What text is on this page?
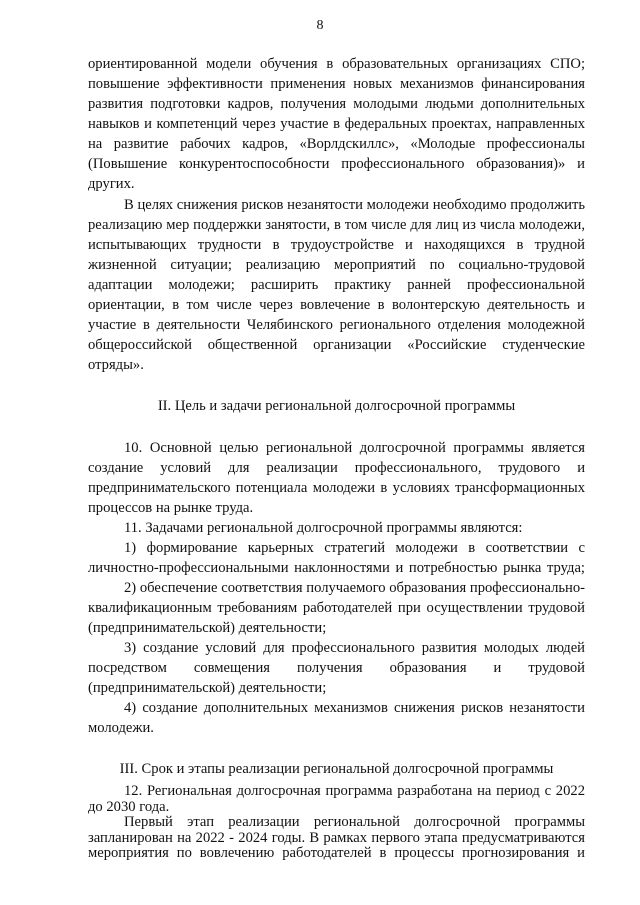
8
ориентированной модели обучения в образовательных организациях СПО;
повышение эффективности применения новых механизмов финансирования
развития подготовки кадров, получения молодыми людьми дополнительных
навыков и компетенций через участие в федеральных проектах, направленных
на развитие рабочих кадров, «Ворлдскиллс», «Молодые профессионалы
(Повышение конкурентоспособности профессионального образования)» и
других.
В целях снижения рисков незанятости молодежи необходимо продолжить
реализацию мер поддержки занятости, в том числе для лиц из числа молодежи,
испытывающих трудности в трудоустройстве и находящихся в трудной
жизненной ситуации; реализацию мероприятий по социально-трудовой
адаптации молодежи; расширить практику ранней профессиональной
ориентации, в том числе через вовлечение в волонтерскую деятельность и
участие в деятельности Челябинского регионального отделения молодежной
общероссийской общественной организации «Российские студенческие
отряды».
II. Цель и задачи региональной долгосрочной программы
10. Основной целью региональной долгосрочной программы является
создание условий для реализации профессионального, трудового и
предпринимательского потенциала молодежи в условиях трансформационных
процессов на рынке труда.
11. Задачами региональной долгосрочной программы являются:
1) формирование карьерных стратегий молодежи в соответствии с
личностно-профессиональными наклонностями и потребностью рынка труда;
2) обеспечение соответствия получаемого образования профессионально-
квалификационным требованиям работодателей при осуществлении трудовой
(предпринимательской) деятельности;
3) создание условий для профессионального развития молодых людей
посредством совмещения получения образования и трудовой
(предпринимательской) деятельности;
4) создание дополнительных механизмов снижения рисков незанятости
молодежи.
III. Срок и этапы реализации региональной долгосрочной программы
12. Региональная долгосрочная программа разработана на период с 2022
до 2030 года.
Первый этап реализации региональной долгосрочной программы
запланирован на 2022 - 2024 годы. В рамках первого этапа предусматриваются
мероприятия по вовлечению работодателей в процессы прогнозирования и
